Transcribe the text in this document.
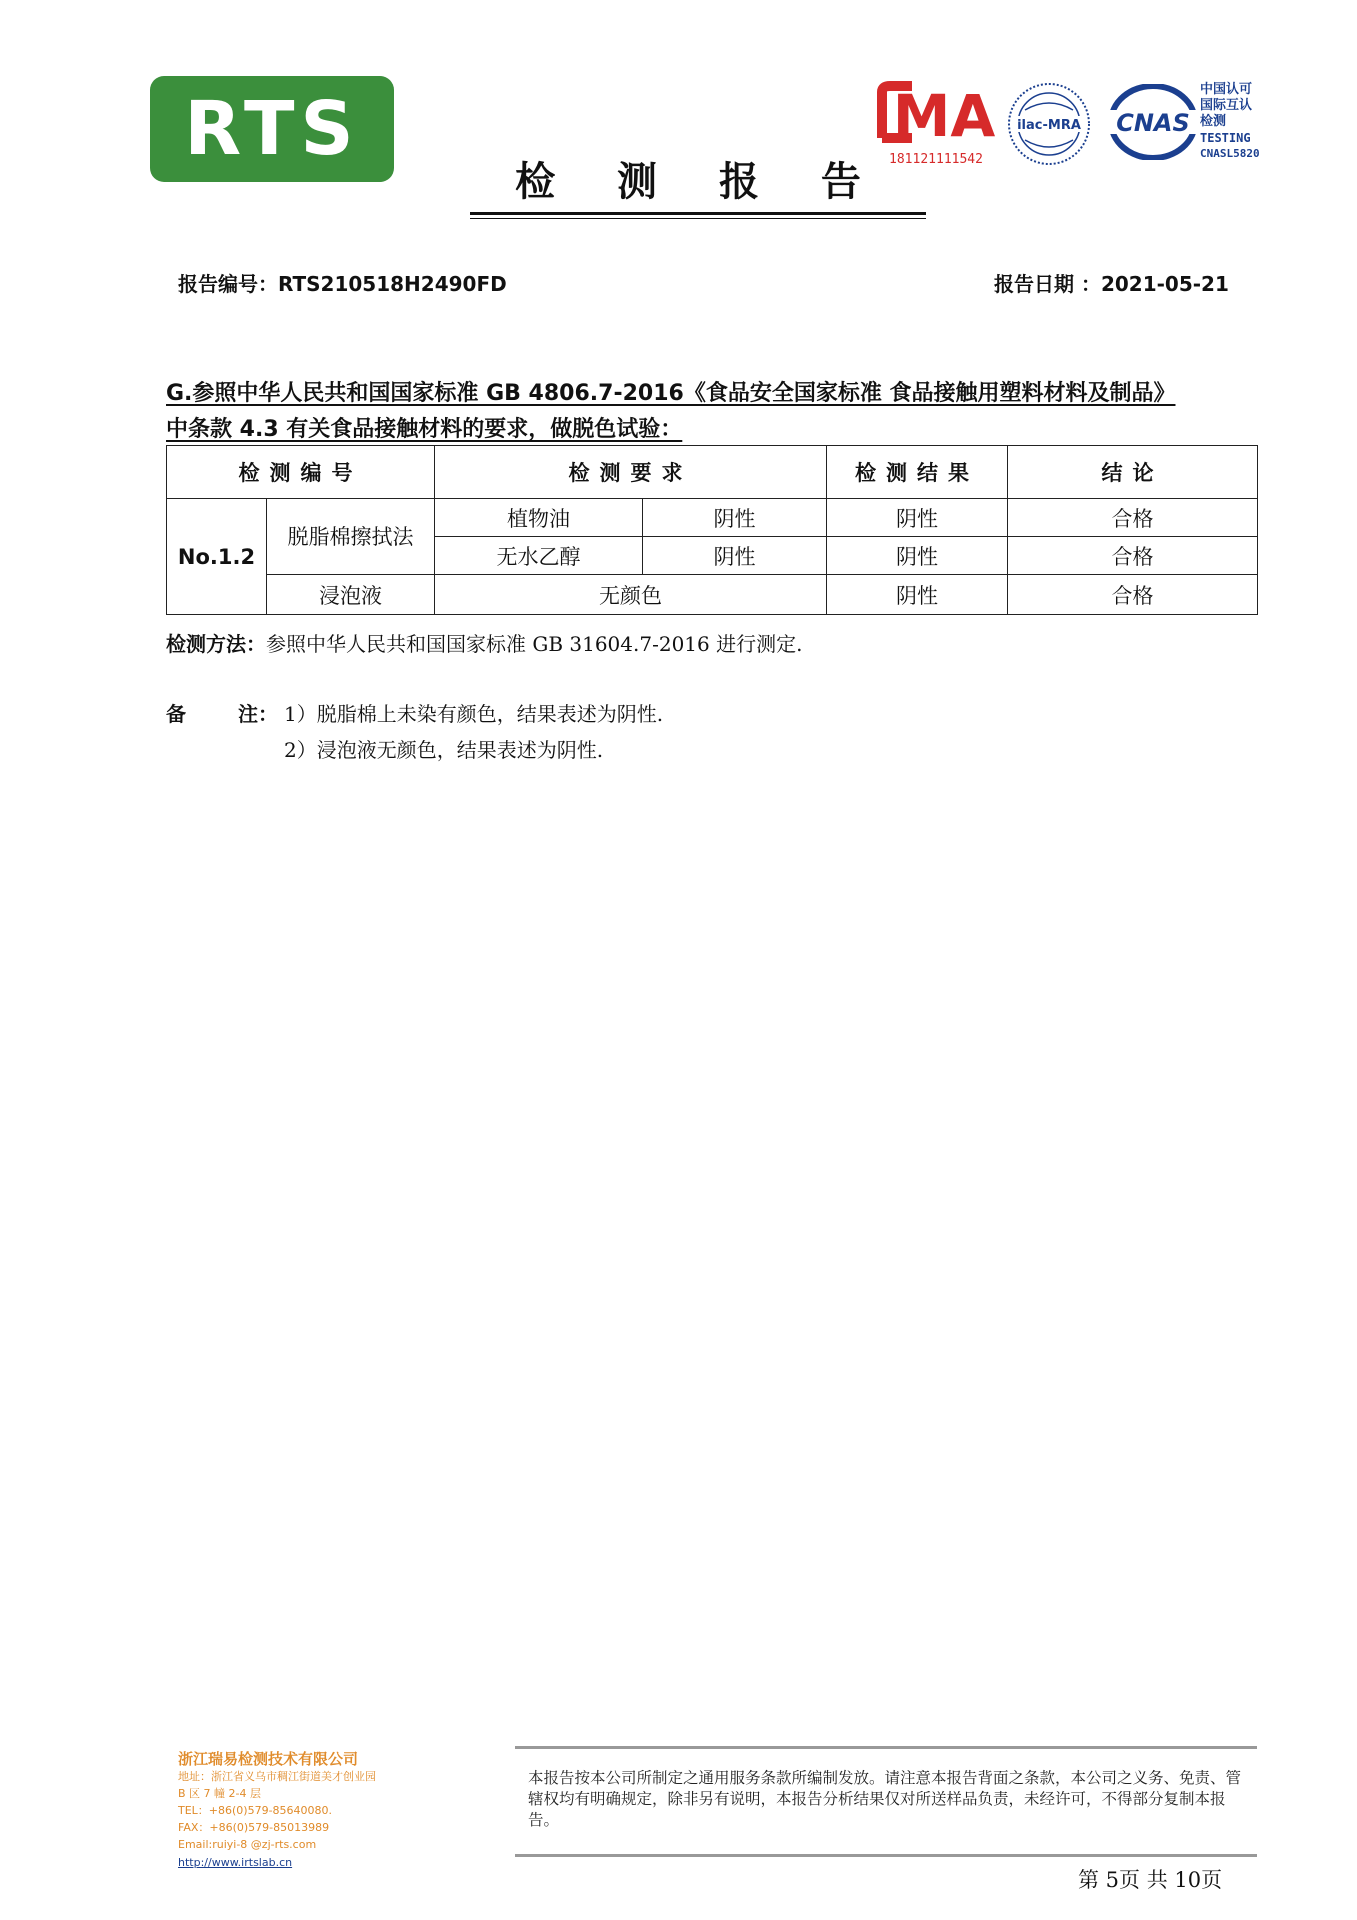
RTS
检 测 报 告
MA
181121111542
ilac-MRA CNAS
中国认可
国际互认
检测
TESTING
CNASL5820
报告编号：RTS210518H2490FD	报告日期 ：2021-05-21
G.参照中华人民共和国国家标准 GB 4806.7-2016《食品安全国家标准 食品接触用塑料材料及制品》
中条款 4.3 有关食品接触材料的要求，做脱色试验：
检测编号		检测要求		检测结果	结论
No.1.2	脱脂棉擦拭法	植物油	阴性	阴性	合格
		无水乙醇	阴性	阴性	合格
	浸泡液	无颜色		阴性	合格
检测方法：参照中华人民共和国国家标准 GB 31604.7-2016 进行测定.
备	注： 1）脱脂棉上未染有颜色，结果表述为阴性.
2）浸泡液无颜色，结果表述为阴性.
浙江瑞易检测技术有限公司
地址：浙江省义乌市稠江街道美才创业园
B 区 7 幢 2-4 层
TEL：+86(0)579-85640080.
FAX：+86(0)579-85013989
Email:ruiyi-8 @zj-rts.com
http://www.irtslab.cn
本报告按本公司所制定之通用服务条款所编制发放。请注意本报告背面之条款，本公司之义务、免责、管辖权均有明确规定，除非另有说明，本报告分析结果仅对所送样品负责，未经许可，不得部分复制本报告。
第 5页 共 10页
